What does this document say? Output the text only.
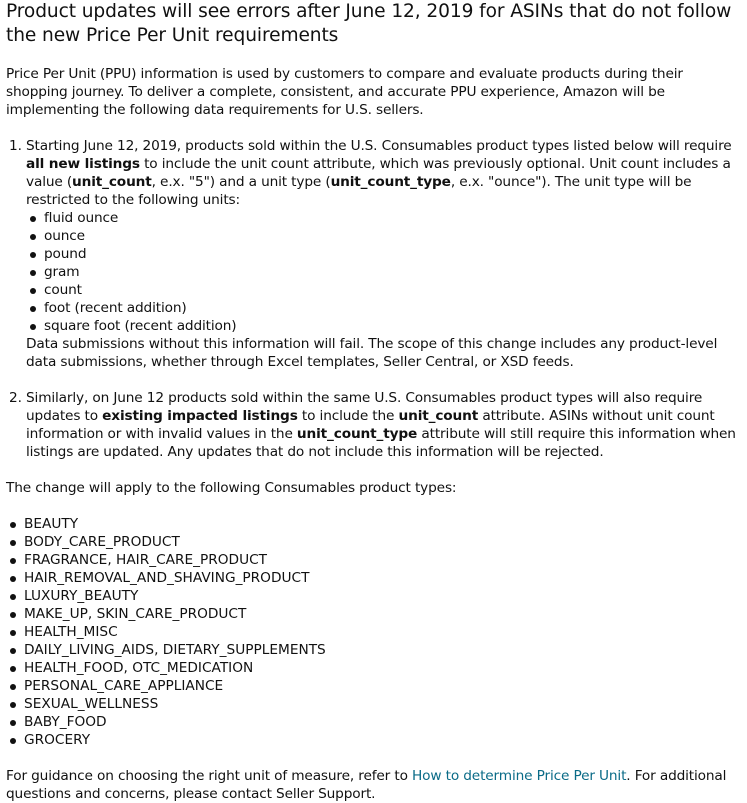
Product updates will see errors after June 12, 2019 for ASINs that do not follow the new Price Per Unit requirements

Price Per Unit (PPU) information is used by customers to compare and evaluate products during their shopping journey. To deliver a complete, consistent, and accurate PPU experience, Amazon will be implementing the following data requirements for U.S. sellers.

1. Starting June 12, 2019, products sold within the U.S. Consumables product types listed below will require all new listings to include the unit count attribute, which was previously optional. Unit count includes a value (unit_count, e.x. "5") and a unit type (unit_count_type, e.x. "ounce"). The unit type will be restricted to the following units:
fluid ounce
ounce
pound
gram
count
foot (recent addition)
square foot (recent addition)
Data submissions without this information will fail. The scope of this change includes any product-level data submissions, whether through Excel templates, Seller Central, or XSD feeds.
2. Similarly, on June 12 products sold within the same U.S. Consumables product types will also require updates to existing impacted listings to include the unit_count attribute. ASINs without unit count information or with invalid values in the unit_count_type attribute will still require this information when listings are updated. Any updates that do not include this information will be rejected.

The change will apply to the following Consumables product types:

BEAUTY
BODY_CARE_PRODUCT
FRAGRANCE, HAIR_CARE_PRODUCT
HAIR_REMOVAL_AND_SHAVING_PRODUCT
LUXURY_BEAUTY
MAKE_UP, SKIN_CARE_PRODUCT
HEALTH_MISC
DAILY_LIVING_AIDS, DIETARY_SUPPLEMENTS
HEALTH_FOOD, OTC_MEDICATION
PERSONAL_CARE_APPLIANCE
SEXUAL_WELLNESS
BABY_FOOD
GROCERY

For guidance on choosing the right unit of measure, refer to How to determine Price Per Unit. For additional questions and concerns, please contact Seller Support.
